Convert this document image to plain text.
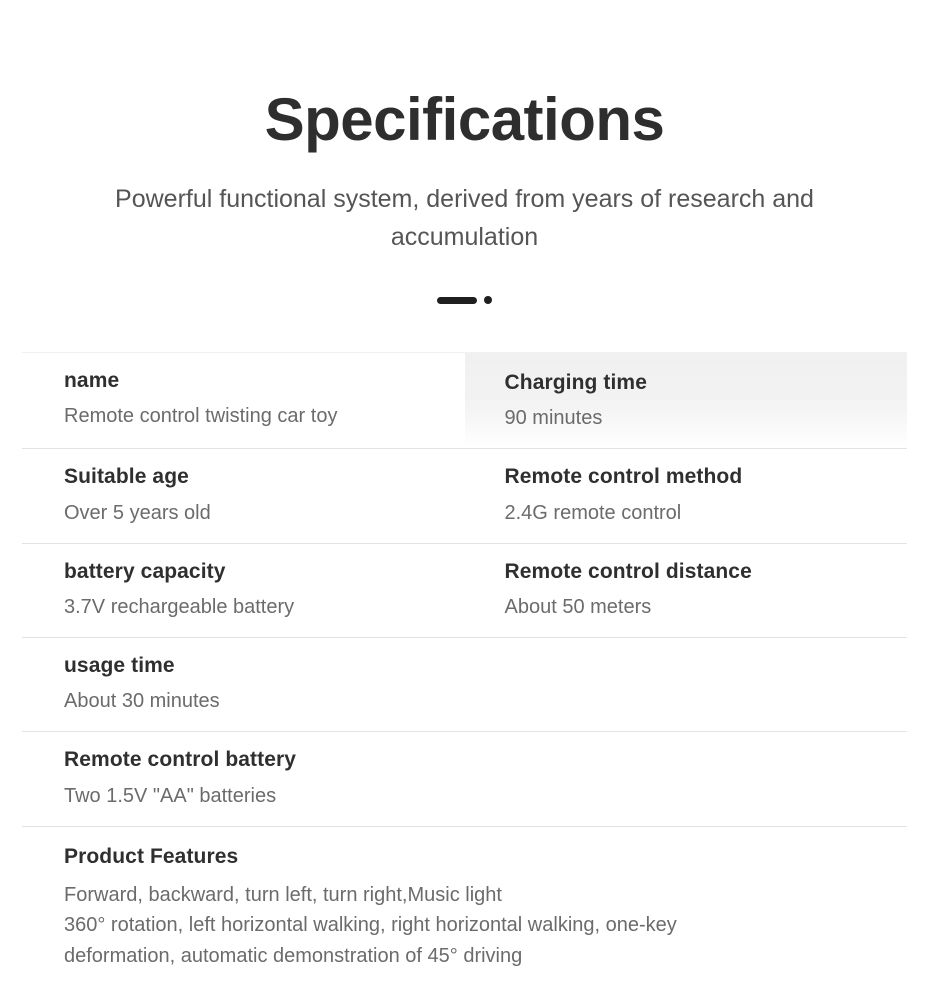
Specifications

Powerful functional system, derived from years of research and accumulation

name
Remote control twisting car toy
Charging time
90 minutes
Suitable age
Over 5 years old
Remote control method
2.4G remote control
battery capacity
3.7V rechargeable battery
Remote control distance
About 50 meters
usage time
About 30 minutes
Remote control battery
Two 1.5V "AA" batteries
Product Features
Forward, backward, turn left, turn right,Music light
360° rotation, left horizontal walking, right horizontal walking, one-key
deformation, automatic demonstration of 45° driving
